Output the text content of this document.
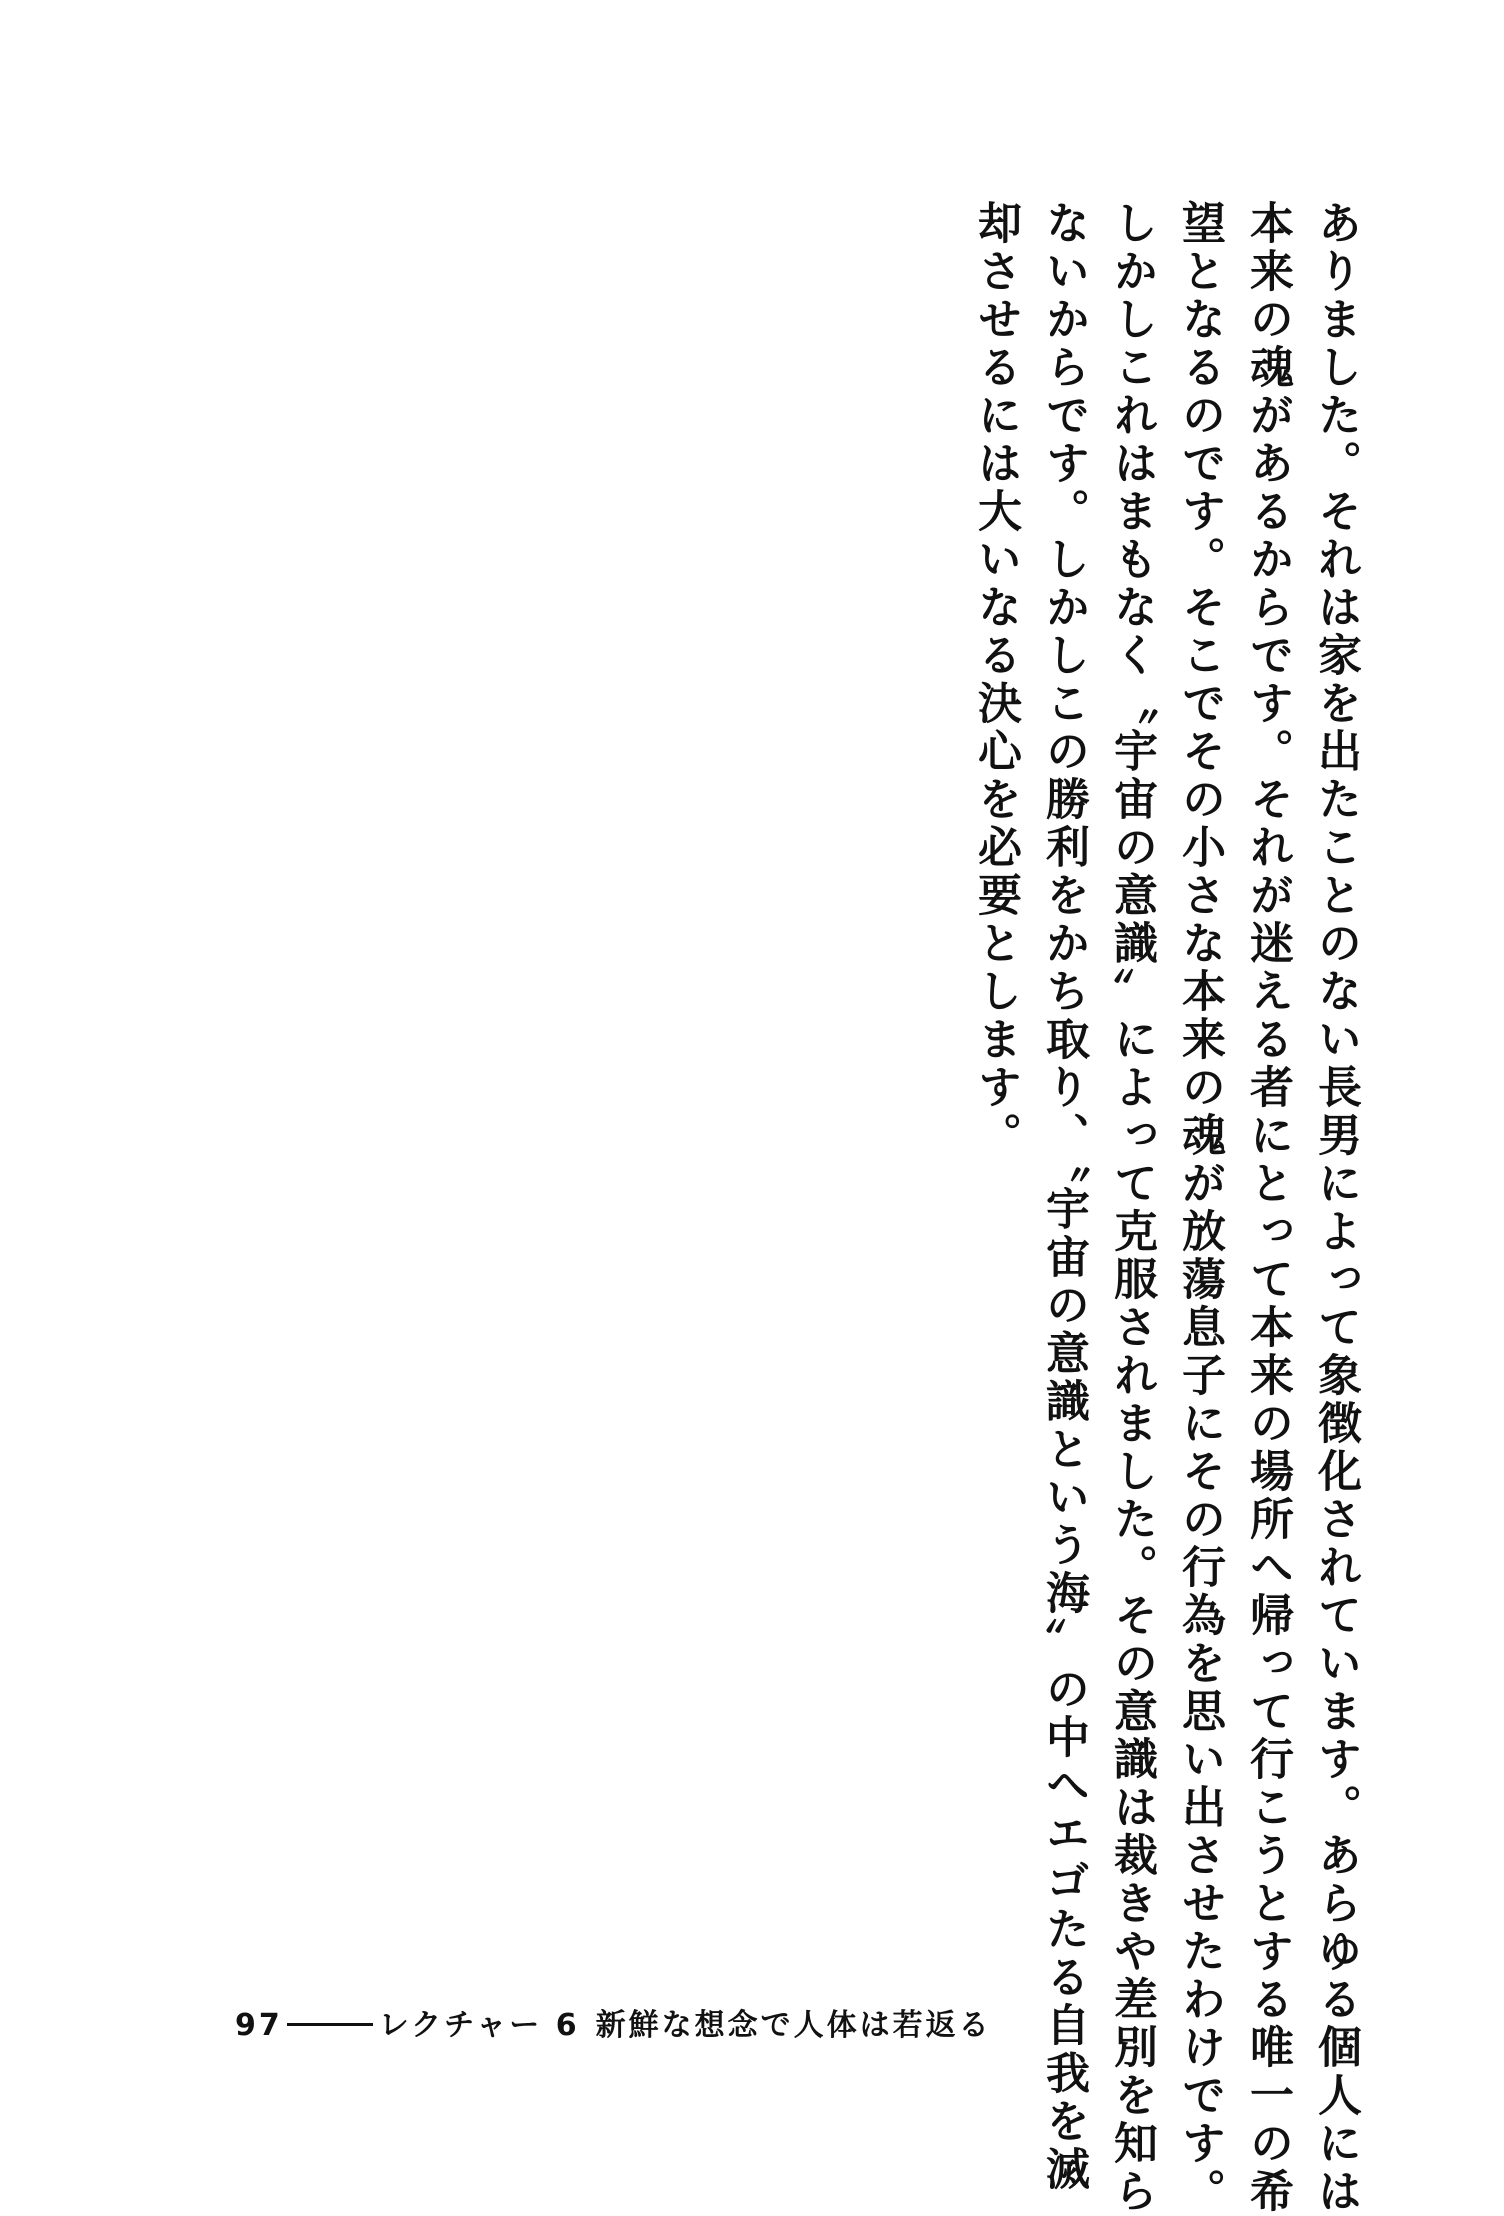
ありました。それは家を出たことのない長男によって象徴化されています。あらゆる個人には
本来の魂があるからです。それが迷える者にとって本来の場所へ帰って行こうとする唯一の希
望となるのです。そこでその小さな本来の魂が放蕩息子にその行為を思い出させたわけです。
しかしこれはまもなく〝宇宙の意識〟によって克服されました。その意識は裁きや差別を知ら
ないからです。しかしこの勝利をかち取り、〝宇宙の意識という海〟の中へエゴたる自我を滅
却させるには大いなる決心を必要とします。
97	レクチャー 6 新鮮な想念で人体は若返る
